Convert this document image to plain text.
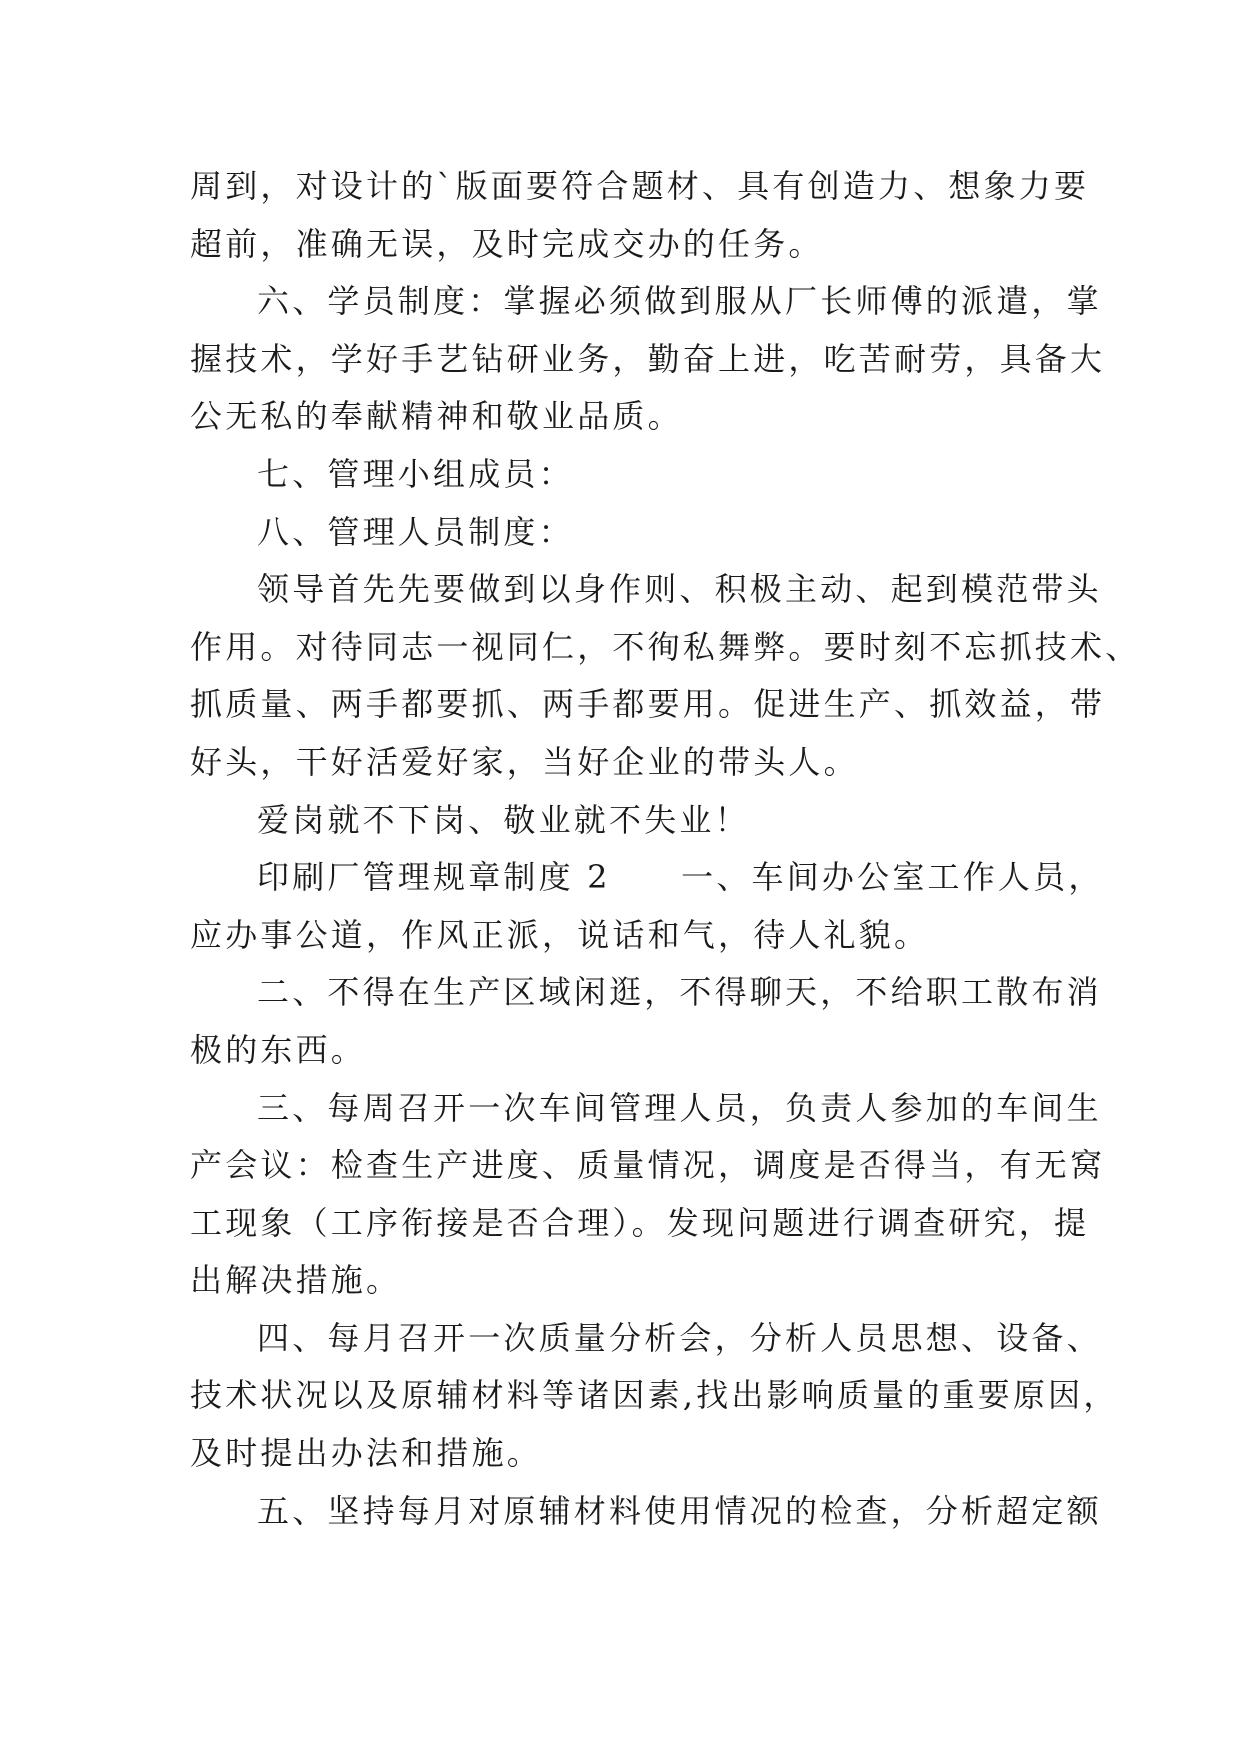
周到，对设计的`版面要符合题材、具有创造力、想象力要
超前，准确无误，及时完成交办的任务。
六、学员制度：掌握必须做到服从厂长师傅的派遣，掌
握技术，学好手艺钻研业务，勤奋上进，吃苦耐劳，具备大
公无私的奉献精神和敬业品质。
七、管理小组成员：
八、管理人员制度：
领导首先先要做到以身作则、积极主动、起到模范带头
作用。对待同志一视同仁，不徇私舞弊。要时刻不忘抓技术、
抓质量、两手都要抓、两手都要用。促进生产、抓效益，带
好头，干好活爱好家，当好企业的带头人。
爱岗就不下岗、敬业就不失业！
印刷厂管理规章制度 2　　一、车间办公室工作人员，
应办事公道，作风正派，说话和气，待人礼貌。
二、不得在生产区域闲逛，不得聊天，不给职工散布消
极的东西。
三、每周召开一次车间管理人员，负责人参加的车间生
产会议：检查生产进度、质量情况，调度是否得当，有无窝
工现象（工序衔接是否合理）。发现问题进行调查研究，提
出解决措施。
四、每月召开一次质量分析会，分析人员思想、设备、
技术状况以及原辅材料等诸因素,找出影响质量的重要原因，
及时提出办法和措施。
五、坚持每月对原辅材料使用情况的检查，分析超定额
